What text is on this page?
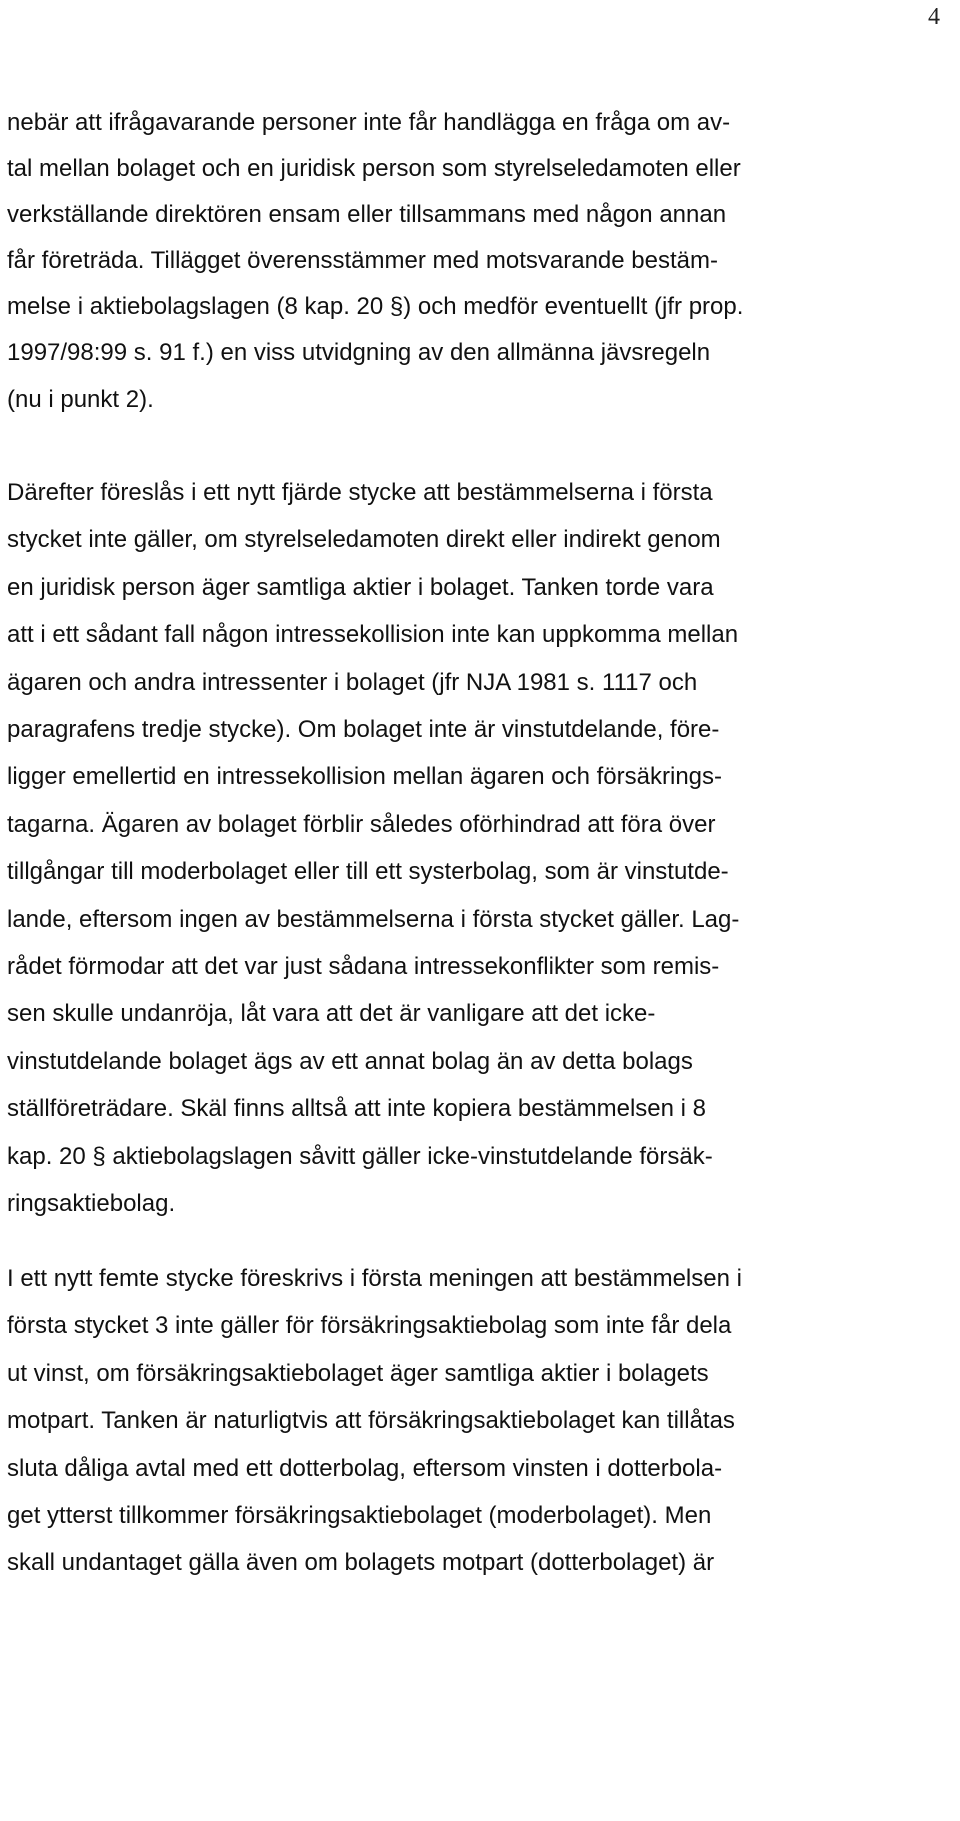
4
nebär att ifrågavarande personer inte får handlägga en fråga om av-
tal mellan bolaget och en juridisk person som styrelseledamoten eller
verkställande direktören ensam eller tillsammans med någon annan
får företräda. Tillägget överensstämmer med motsvarande bestäm-
melse i aktiebolagslagen (8 kap. 20 §) och medför eventuellt (jfr prop.
1997/98:99 s. 91 f.) en viss utvidgning av den allmänna jävsregeln
(nu i punkt 2).
Därefter föreslås i ett nytt fjärde stycke att bestämmelserna i första
stycket inte gäller, om styrelseledamoten direkt eller indirekt genom
en juridisk person äger samtliga aktier i bolaget. Tanken torde vara
att i ett sådant fall någon intressekollision inte kan uppkomma mellan
ägaren och andra intressenter i bolaget (jfr NJA 1981 s. 1117 och
paragrafens tredje stycke). Om bolaget inte är vinstutdelande, före-
ligger emellertid en intressekollision mellan ägaren och försäkrings-
tagarna. Ägaren av bolaget förblir således oförhindrad att föra över
tillgångar till moderbolaget eller till ett systerbolag, som är vinstutde-
lande, eftersom ingen av bestämmelserna i första stycket gäller. Lag-
rådet förmodar att det var just sådana intressekonflikter som remis-
sen skulle undanröja, låt vara att det är vanligare att det icke-
vinstutdelande bolaget ägs av ett annat bolag än av detta bolags
ställföreträdare. Skäl finns alltså att inte kopiera bestämmelsen i 8
kap. 20 § aktiebolagslagen såvitt gäller icke-vinstutdelande försäk-
ringsaktiebolag.
I ett nytt femte stycke föreskrivs i första meningen att bestämmelsen i
första stycket 3 inte gäller för försäkringsaktiebolag som inte får dela
ut vinst, om försäkringsaktiebolaget äger samtliga aktier i bolagets
motpart. Tanken är naturligtvis att försäkringsaktiebolaget kan tillåtas
sluta dåliga avtal med ett dotterbolag, eftersom vinsten i dotterbola-
get ytterst tillkommer försäkringsaktiebolaget (moderbolaget). Men
skall undantaget gälla även om bolagets motpart (dotterbolaget) är
